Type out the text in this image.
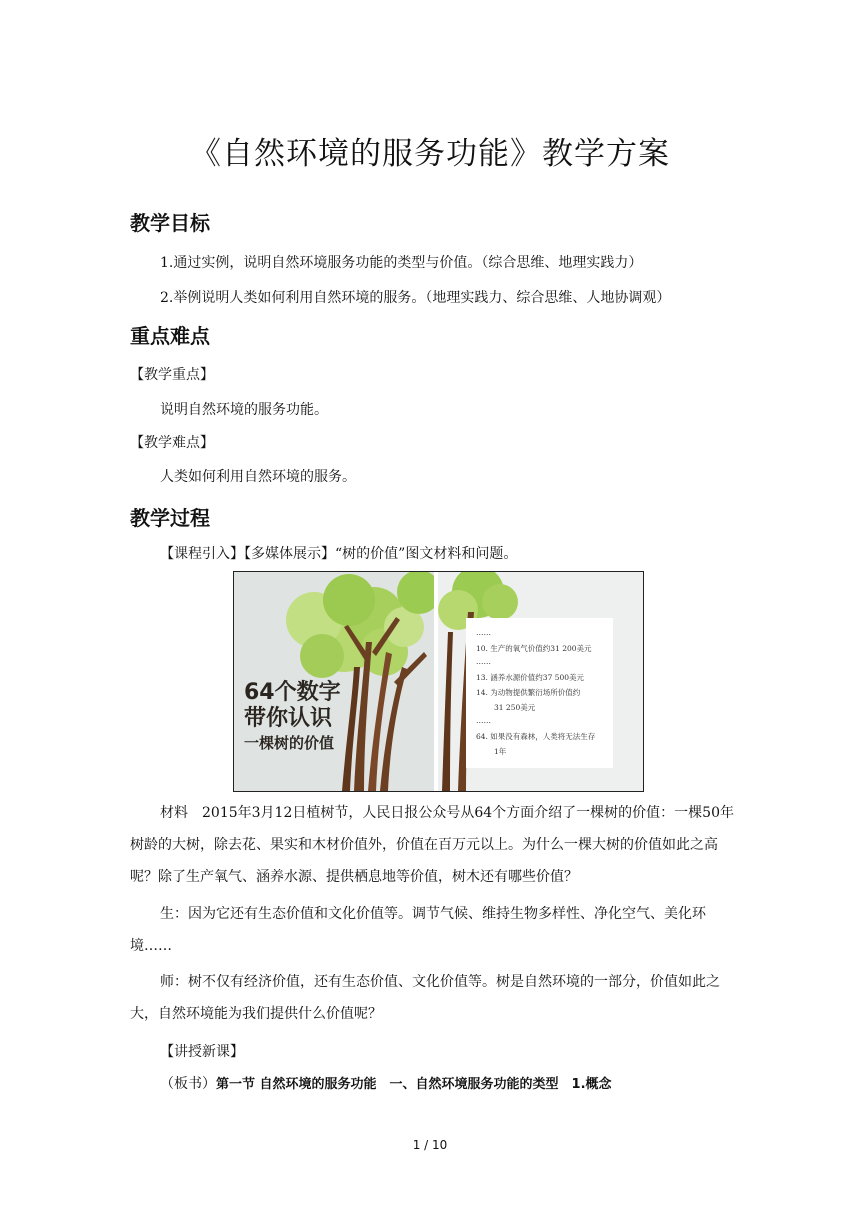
《自然环境的服务功能》教学方案
教学目标
1.通过实例，说明自然环境服务功能的类型与价值。（综合思维、地理实践力）
2.举例说明人类如何利用自然环境的服务。（地理实践力、综合思维、人地协调观）
重点难点
【教学重点】
说明自然环境的服务功能。
【教学难点】
人类如何利用自然环境的服务。
教学过程
【课程引入】【多媒体展示】“树的价值”图文材料和问题。
64个数字
带你认识
一棵树的价值
……
10. 生产的氧气价值约31 200美元
……
13. 涵养水源价值约37 500美元
14. 为动物提供繁衍场所价值约
31 250美元
……
64. 如果没有森林，人类将无法生存
1年
材料　2015年3月12日植树节，人民日报公众号从64个方面介绍了一棵树的价值：一棵50年树龄的大树，除去花、果实和木材价值外，价值在百万元以上。为什么一棵大树的价值如此之高呢？除了生产氧气、涵养水源、提供栖息地等价值，树木还有哪些价值？
生：因为它还有生态价值和文化价值等。调节气候、维持生物多样性、净化空气、美化环境……
师：树不仅有经济价值，还有生态价值、文化价值等。树是自然环境的一部分，价值如此之大，自然环境能为我们提供什么价值呢？
【讲授新课】
（板书）第一节 自然环境的服务功能　一、自然环境服务功能的类型　1.概念
1 / 10
